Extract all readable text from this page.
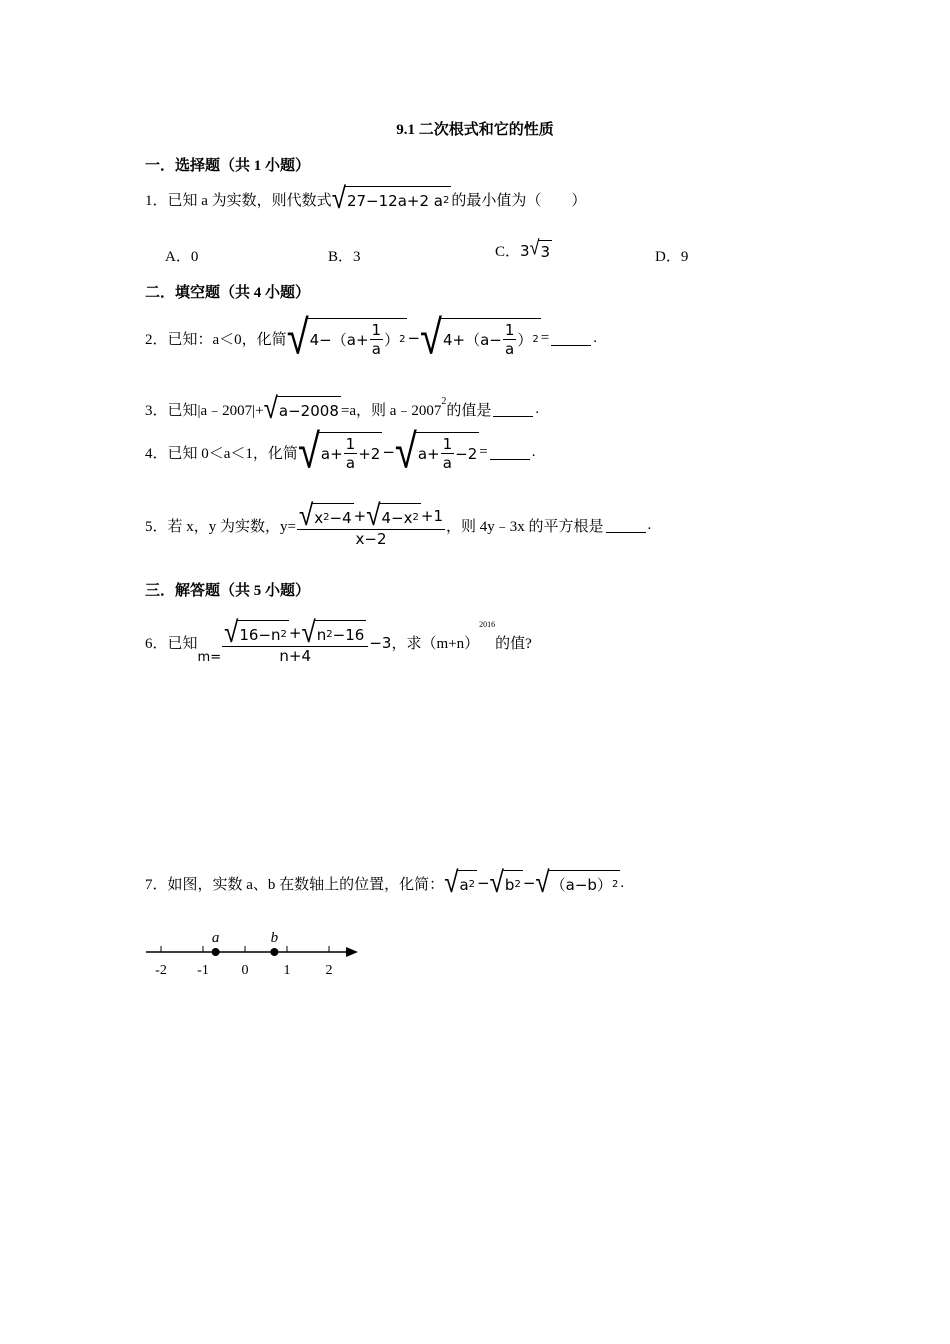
9.1 二次根式和它的性质
一．选择题（共 1 小题）
1． 已知 a 为实数，则代数式 √ 27−12a+2 a 2 的最小值为（　　）
A．0	B．3	C． 3 √ 3	D．9
二．填空题（共 4 小题）
2． 已知：a＜0，化简 √ $4-(a+ \frac{1}{a}$ ） 2 − √ $4+(a- \frac{1}{a}$ ） 2 =	.
3． 已知|a﹣2007|+ √ a−2008 =a，则 a﹣2007
$^2$
的值是	.
4． 已知 0＜a＜1，化简 √ $a+ \frac{1}{a} +2$ − √ $a+ \frac{1}{a} -2$ =	.
5． 若 x，y 为实数，$y= \frac{√ x 2 -4 + √ 4-x 2 +1}{x-2}$ ，则 4y﹣3x 的平方根是	.
三．解答题（共 5 小题）
6． 已知
$m= \frac{√ 16-n 2 + √ n 2 -16}{n+4} -3$ ，求（m+n）
2016
的值?
7． 如图，实数 a、b 在数轴上的位置，化简： √ a 2 − √ b 2 − √ （a−b） 2 .
-2 -1 0	1	2
a	b
